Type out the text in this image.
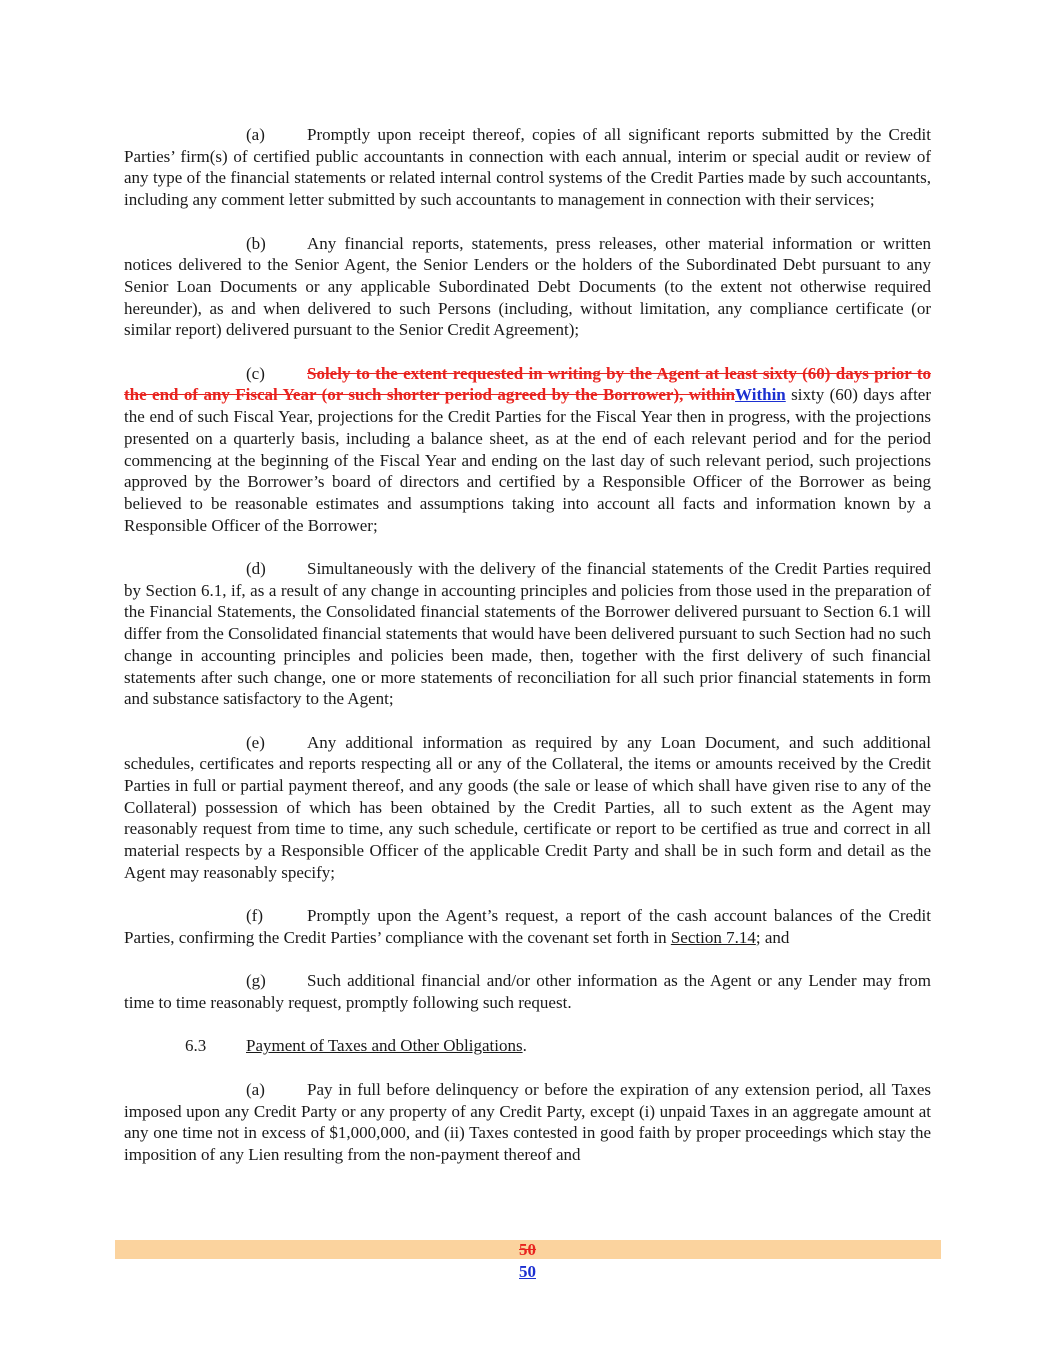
(a) Promptly upon receipt thereof, copies of all significant reports submitted by the Credit Parties’ firm(s) of certified public accountants in connection with each annual, interim or special audit or review of any type of the financial statements or related internal control systems of the Credit Parties made by such accountants, including any comment letter submitted by such accountants to management in connection with their services;

(b) Any financial reports, statements, press releases, other material information or written notices delivered to the Senior Agent, the Senior Lenders or the holders of the Subordinated Debt pursuant to any Senior Loan Documents or any applicable Subordinated Debt Documents (to the extent not otherwise required hereunder), as and when delivered to such Persons (including, without limitation, any compliance certificate (or similar report) delivered pursuant to the Senior Credit Agreement);

(c) Solely to the extent requested in writing by the Agent at least sixty (60) days prior to the end of any Fiscal Year (or such shorter period agreed by the Borrower), withinWithin sixty (60) days after the end of such Fiscal Year, projections for the Credit Parties for the Fiscal Year then in progress, with the projections presented on a quarterly basis, including a balance sheet, as at the end of each relevant period and for the period commencing at the beginning of the Fiscal Year and ending on the last day of such relevant period, such projections approved by the Borrower’s board of directors and certified by a Responsible Officer of the Borrower as being believed to be reasonable estimates and assumptions taking into account all facts and information known by a Responsible Officer of the Borrower;

(d) Simultaneously with the delivery of the financial statements of the Credit Parties required by Section 6.1, if, as a result of any change in accounting principles and policies from those used in the preparation of the Financial Statements, the Consolidated financial statements of the Borrower delivered pursuant to Section 6.1 will differ from the Consolidated financial statements that would have been delivered pursuant to such Section had no such change in accounting principles and policies been made, then, together with the first delivery of such financial statements after such change, one or more statements of reconciliation for all such prior financial statements in form and substance satisfactory to the Agent;

(e) Any additional information as required by any Loan Document, and such additional schedules, certificates and reports respecting all or any of the Collateral, the items or amounts received by the Credit Parties in full or partial payment thereof, and any goods (the sale or lease of which shall have given rise to any of the Collateral) possession of which has been obtained by the Credit Parties, all to such extent as the Agent may reasonably request from time to time, any such schedule, certificate or report to be certified as true and correct in all material respects by a Responsible Officer of the applicable Credit Party and shall be in such form and detail as the Agent may reasonably specify;

(f)	Promptly upon the Agent’s request, a report of the cash account balances of the Credit Parties, confirming the Credit Parties’ compliance with the covenant set forth in Section 7.14; and

(g) Such additional financial and/or other information as the Agent or any Lender may from time to time reasonably request, promptly following such request.

6.3 Payment of Taxes and Other Obligations.

(a) Pay in full before delinquency or before the expiration of any extension period, all Taxes imposed upon any Credit Party or any property of any Credit Party, except (i) unpaid Taxes in an aggregate amount at any one time not in excess of $1,000,000, and (ii) Taxes contested in good faith by proper proceedings which stay the imposition of any Lien resulting from the non-payment thereof and

50
50
